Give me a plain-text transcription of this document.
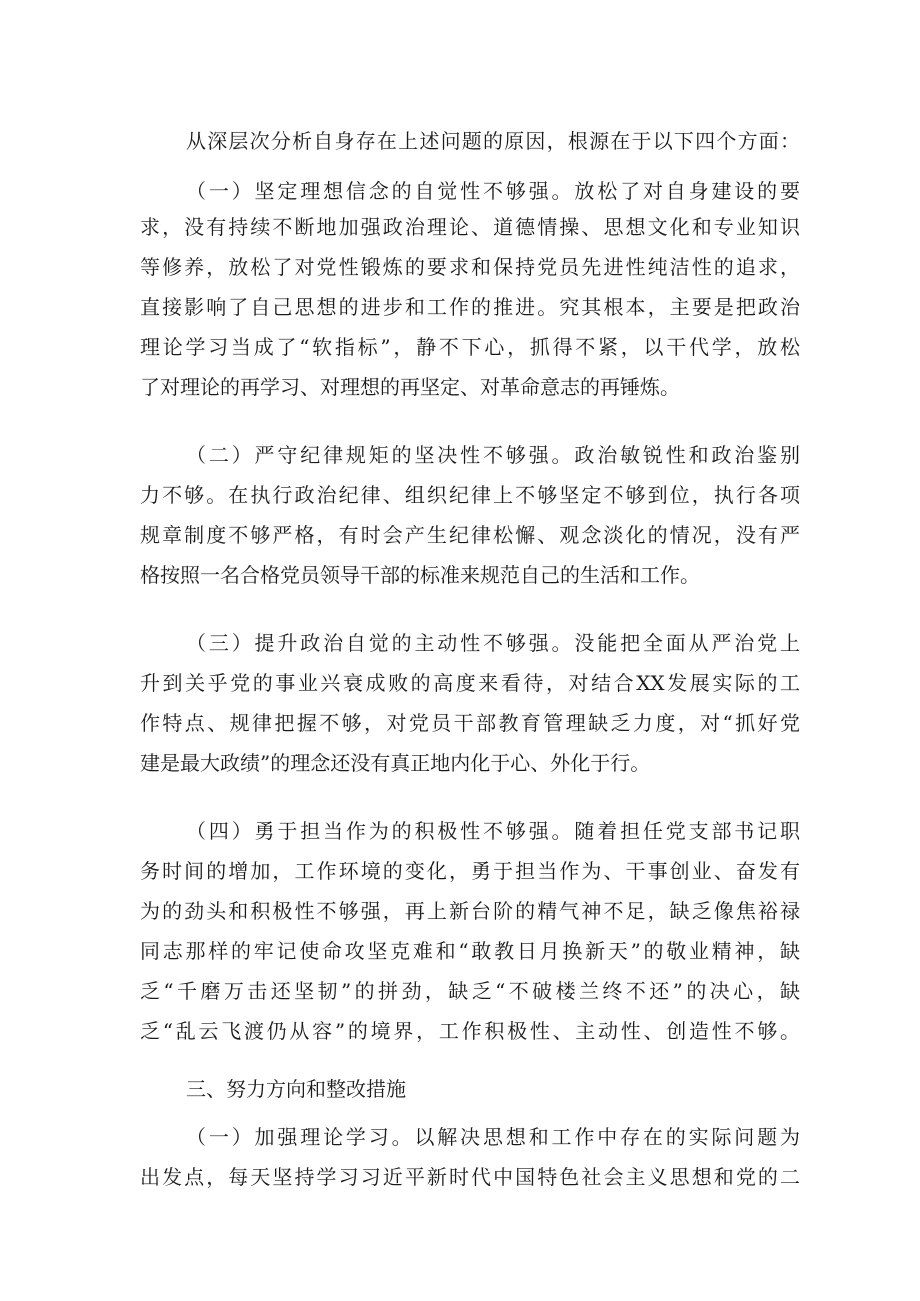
从深层次分析自身存在上述问题的原因，根源在于以下四个方面：
（一）坚定理想信念的自觉性不够强。放松了对自身建设的要
求，没有持续不断地加强政治理论、道德情操、思想文化和专业知识
等修养，放松了对党性锻炼的要求和保持党员先进性纯洁性的追求，
直接影响了自己思想的进步和工作的推进。究其根本，主要是把政治
理论学习当成了“软指标”，静不下心，抓得不紧，以干代学，放松
了对理论的再学习、对理想的再坚定、对革命意志的再锤炼。
（二）严守纪律规矩的坚决性不够强。政治敏锐性和政治鉴别
力不够。在执行政治纪律、组织纪律上不够坚定不够到位，执行各项
规章制度不够严格，有时会产生纪律松懈、观念淡化的情况，没有严
格按照一名合格党员领导干部的标准来规范自己的生活和工作。
（三）提升政治自觉的主动性不够强。没能把全面从严治党上
升到关乎党的事业兴衰成败的高度来看待，对结合XX发展实际的工
作特点、规律把握不够，对党员干部教育管理缺乏力度，对“抓好党
建是最大政绩”的理念还没有真正地内化于心、外化于行。
（四）勇于担当作为的积极性不够强。随着担任党支部书记职
务时间的增加，工作环境的变化，勇于担当作为、干事创业、奋发有
为的劲头和积极性不够强，再上新台阶的精气神不足，缺乏像焦裕禄
同志那样的牢记使命攻坚克难和“敢教日月换新天”的敬业精神，缺
乏“千磨万击还坚韧”的拼劲，缺乏“不破楼兰终不还”的决心，缺
乏“乱云飞渡仍从容”的境界，工作积极性、主动性、创造性不够。
三、努力方向和整改措施
（一）加强理论学习。以解决思想和工作中存在的实际问题为
出发点，每天坚持学习习近平新时代中国特色社会主义思想和党的二
